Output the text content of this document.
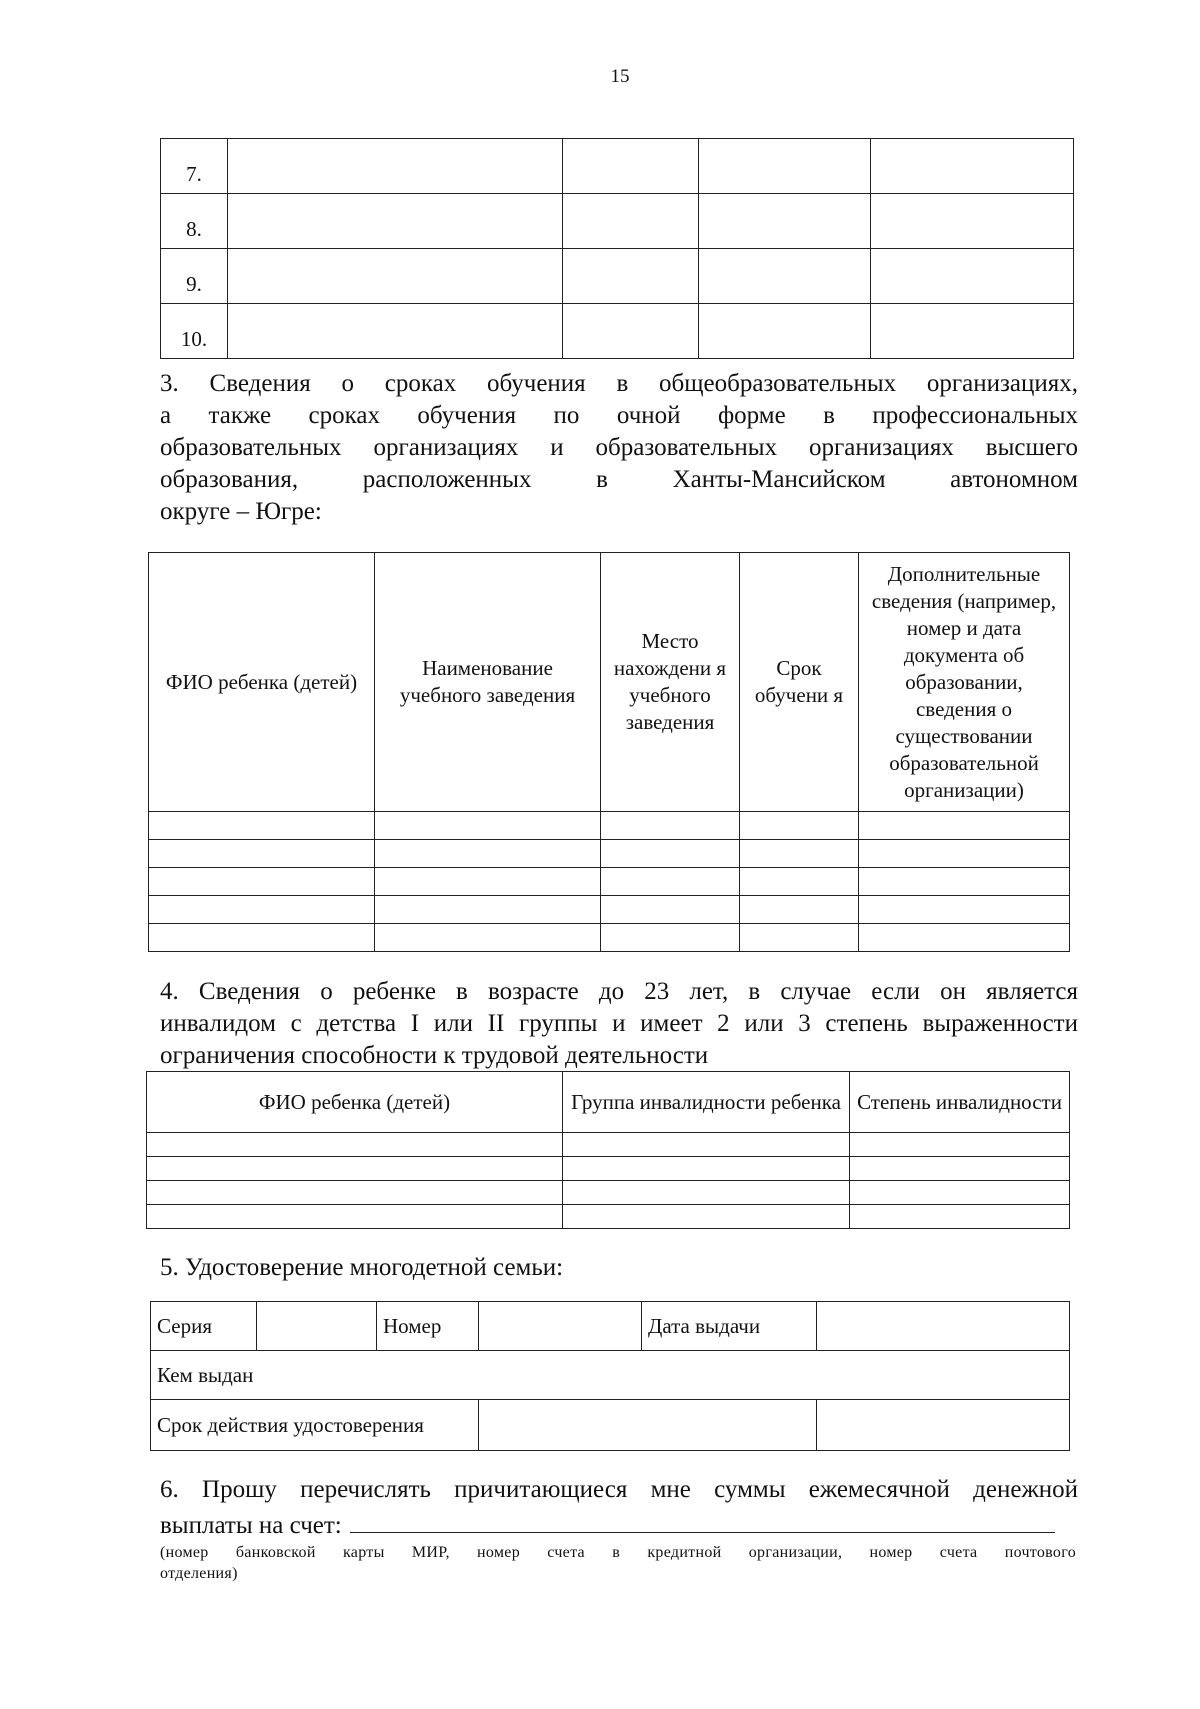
15
7.				
8.				
9.				
10.				
3. Сведения о сроках обучения в общеобразовательных организациях,
а также сроках обучения по очной форме в профессиональных
образовательных организациях и образовательных организациях высшего
образования, расположенных в Ханты-Мансийском автономном
округе – Югре:
ФИО ребенка (детей)	Наименование учебного заведения	Место нахождени я учебного заведения	Срок обучени я	Дополнительные сведения (например, номер и дата документа об образовании, сведения о существовании образовательной организации)

4. Сведения о ребенке в возрасте до 23 лет, в случае если он является
инвалидом с детства I или II группы и имеет 2 или 3 степень выраженности
ограничения способности к трудовой деятельности
ФИО ребенка (детей)	Группа инвалидности ребенка	Степень инвалидности

5. Удостоверение многодетной семьи:
Серия		Номер		Дата выдачи	
Кем выдан					
Срок действия удостоверения					
6. Прошу перечислять причитающиеся мне суммы ежемесячной денежной
выплаты на счет:
(номер банковской карты МИР, номер счета в кредитной организации, номер счета почтового
отделения)
